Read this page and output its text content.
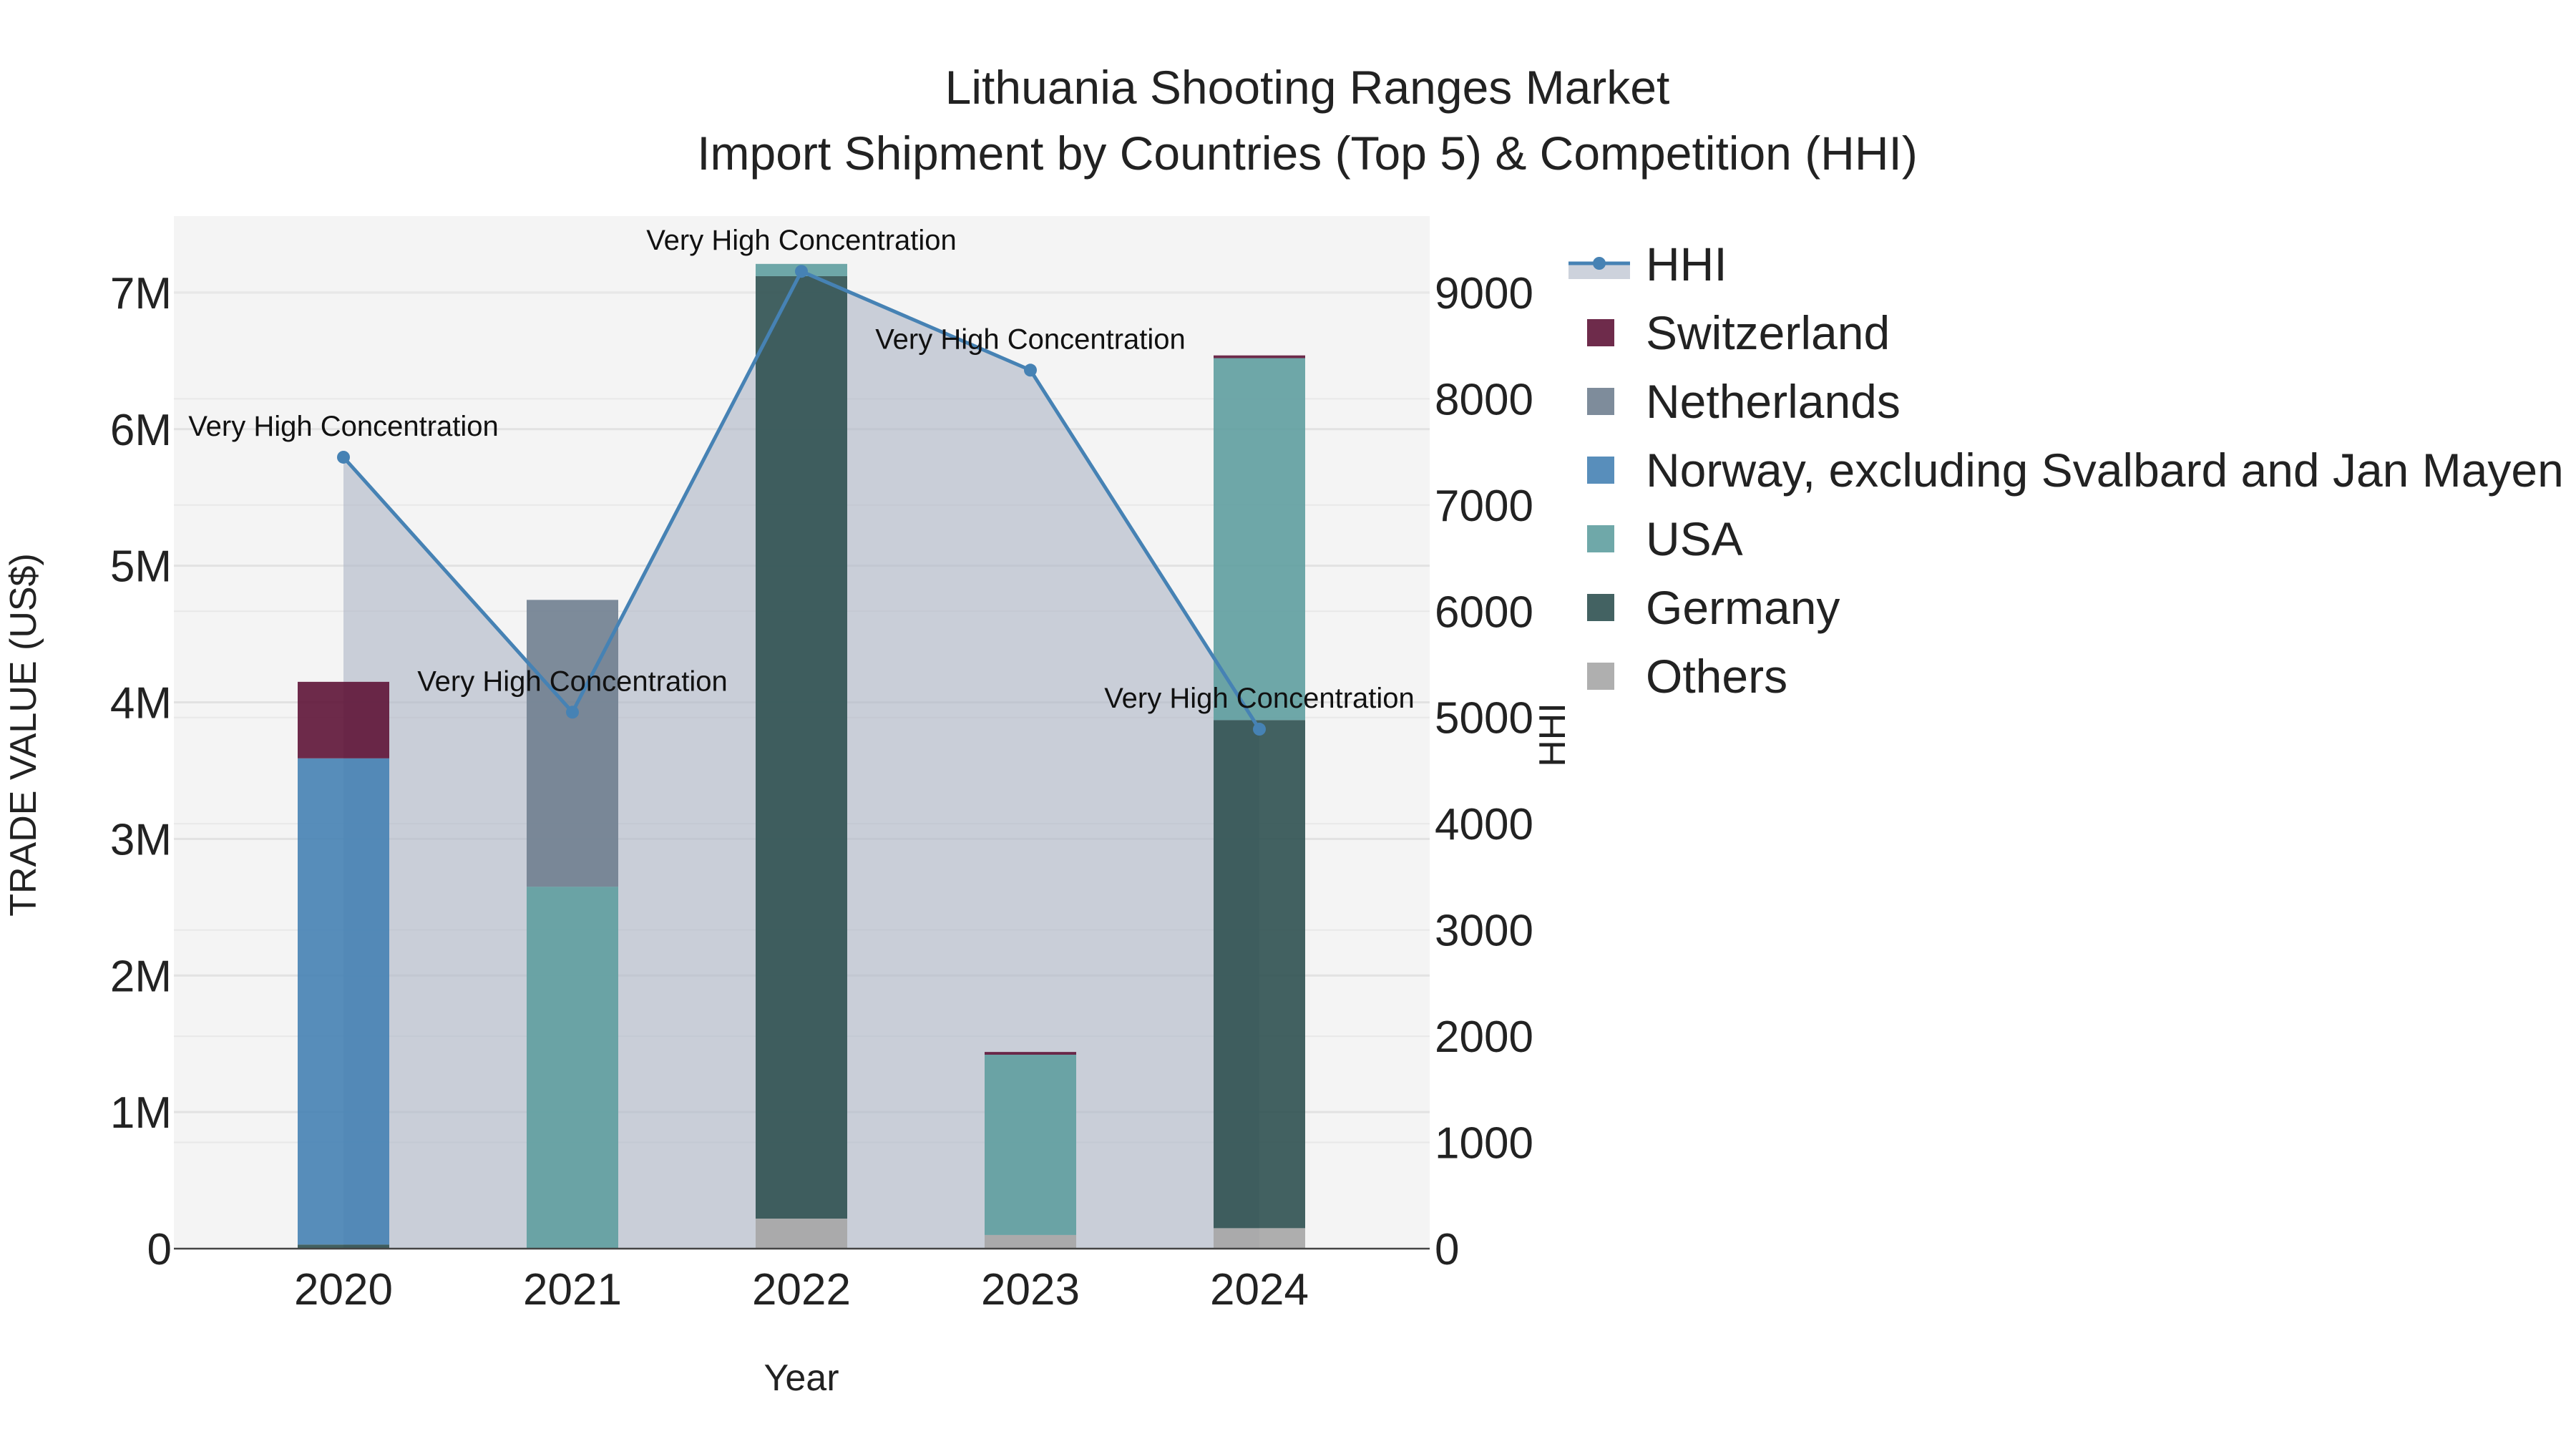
Very High Concentration
Very High Concentration
Very High Concentration
Very High Concentration
Very High Concentration
0
1M
2M
3M
4M
5M
6M
7M
0
1000
2000
3000
4000
5000
6000
7000
8000
9000
2020	2021	2022	2023	2024
Lithuania Shooting Ranges Market
Import Shipment by Countries (Top 5) & Competition (HHI)
Year
TRADE VALUE (US$)	HHI
HHI
Switzerland
Netherlands
Norway, excluding Svalbard and Jan Mayen
USA
Germany
Others
